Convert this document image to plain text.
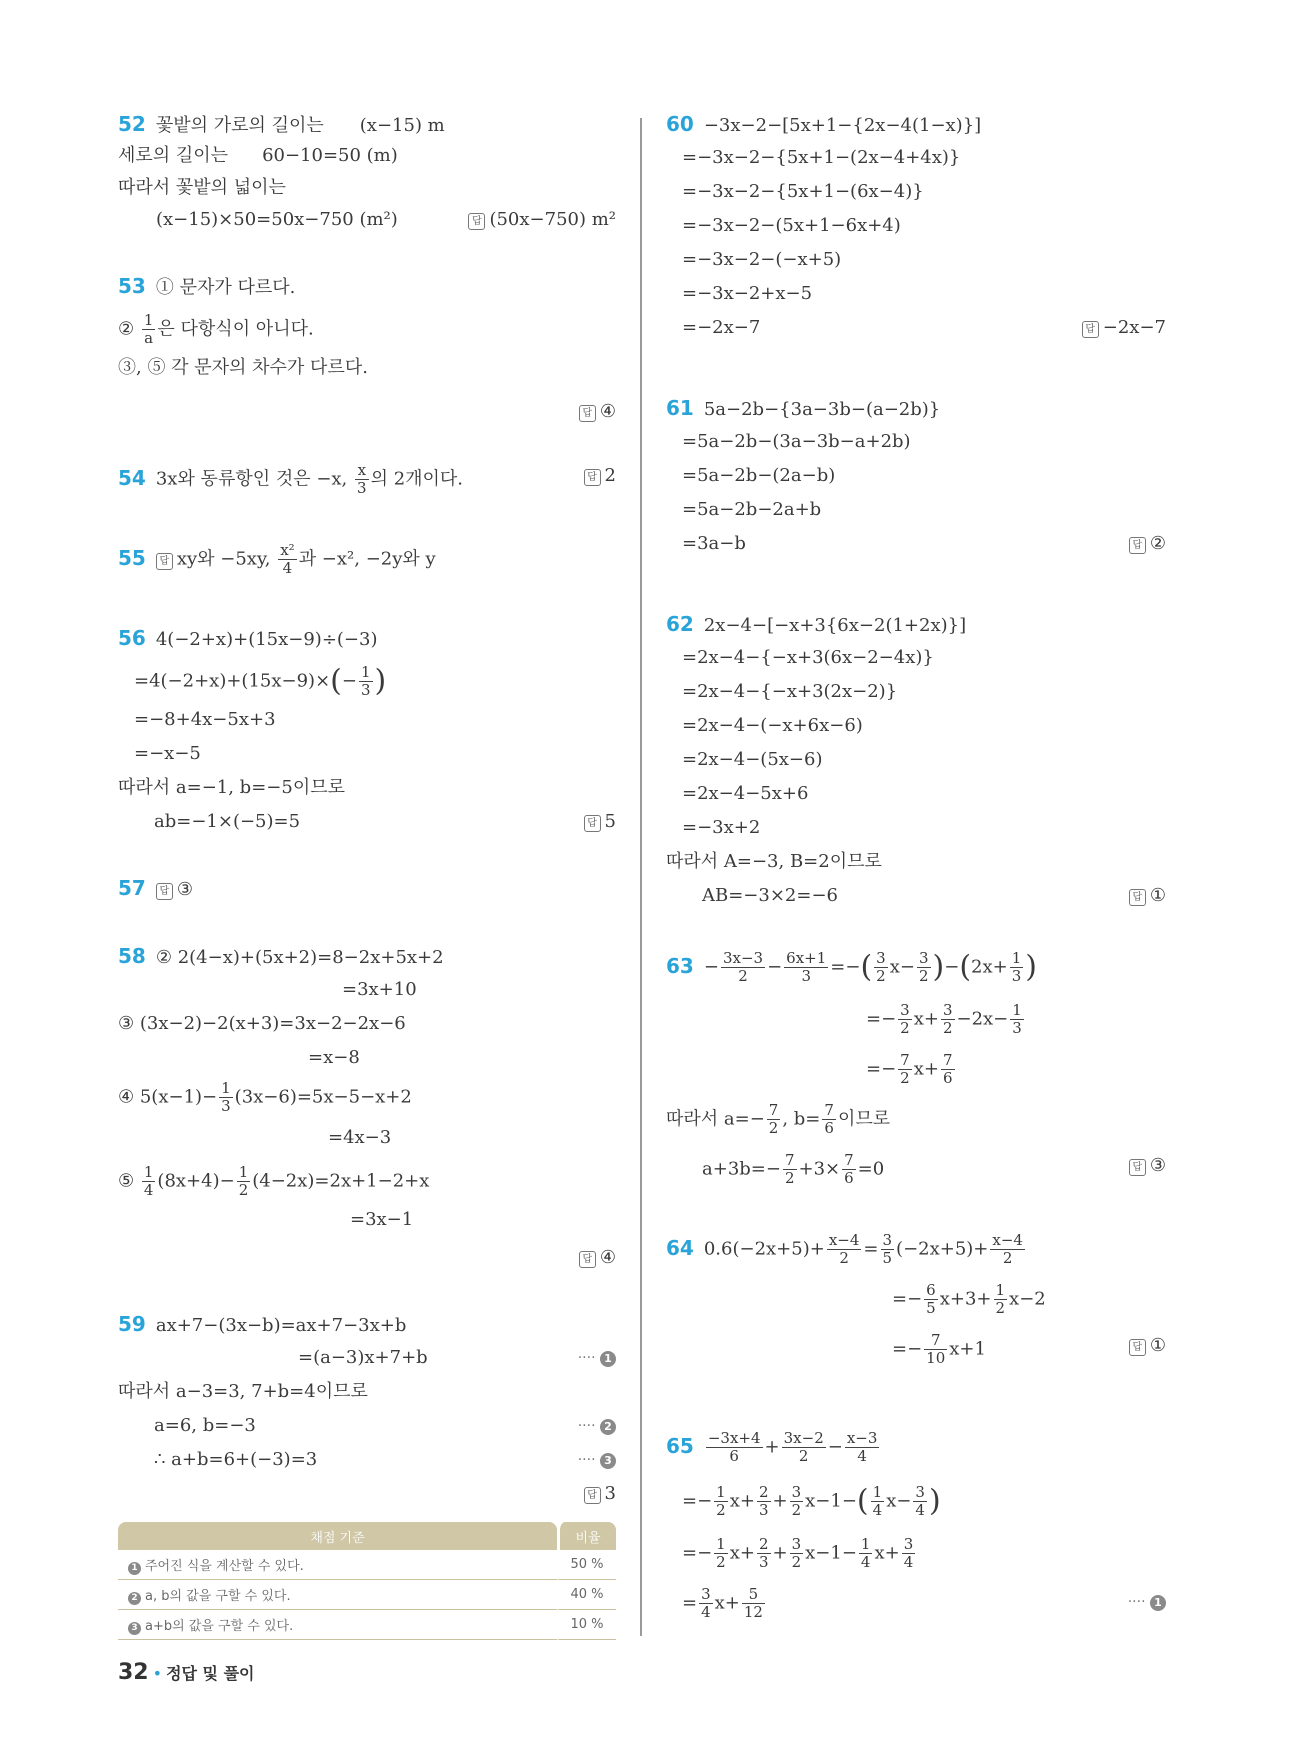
52 꽃밭의 가로의 길이는 (x−15) m
세로의 길이는 60−10=50 (m)
따라서 꽃밭의 넓이는
(x−15)×50=50x−750 (m²)	답 (50x−750) m²
53 ① 문자가 다르다.
② $\frac{1}{a}$ 은 다항식이 아니다.
③, ⑤ 각 문자의 차수가 다르다.
답 ④
54 3x와 동류항인 것은 −x, $\frac{x}{3}$ 의 2개이다.	답 2
55 답 xy와 −5xy, $\frac{\text{x²}}{4}$ 과 −x², −2y와 y
56 4(−2+x)+(15x−9)÷(−3)
$=4(-2+x)+(15x-9)\times(- \frac{1}{3}$ )
=−8+4x−5x+3
=−x−5
따라서 a=−1, b=−5이므로
ab=−1×(−5)=5	답 5
57 답 ③
58 ② 2(4−x)+(5x+2)=8−2x+5x+2
=3x+10
③ (3x−2)−2(x+3)=3x−2−2x−6
=x−8
④ $5(x-1)- \frac{1}{3} (3x-6)=5x-5-x+2$
=4x−3
⑤ $\frac{1}{4} (8x+4)- \frac{1}{2} (4-2x)=2x+1-2+x$
=3x−1
답 ④
59 ax+7−(3x−b)=ax+7−3x+b
=(a−3)x+7+b	···· 1
따라서 a−3=3, 7+b=4이므로
a=6, b=−3	···· 2
∴ a+b=6+(−3)=3	···· 3
답 3
채점 기준	비율
1 주어진 식을 계산할 수 있다.	50 %
2 a, b의 값을 구할 수 있다.	40 %
3 a+b의 값을 구할 수 있다.	10 %
60 −3x−2−[5x+1−{2x−4(1−x)}]
=−3x−2−{5x+1−(2x−4+4x)}
=−3x−2−{5x+1−(6x−4)}
=−3x−2−(5x+1−6x+4)
=−3x−2−(−x+5)
=−3x−2+x−5
=−2x−7	답 −2x−7
61 5a−2b−{3a−3b−(a−2b)}
=5a−2b−(3a−3b−a+2b)
=5a−2b−(2a−b)
=5a−2b−2a+b
=3a−b	답 ②
62 2x−4−[−x+3{6x−2(1+2x)}]
=2x−4−{−x+3(6x−2−4x)}
=2x−4−{−x+3(2x−2)}
=2x−4−(−x+6x−6)
=2x−4−(5x−6)
=2x−4−5x+6
=−3x+2
따라서 A=−3, B=2이므로
AB=−3×2=−6	답 ①
$63 - \frac{3x-3}{2} - \frac{6x+1}{3}$ =−( $\frac{3}{2} x- \frac{3}{2} )-(2x+ \frac{1}{3}$ )
=− $\frac{3}{2} x+ \frac{3}{2} -2x- \frac{1}{3}$
=− $\frac{7}{2} x+ \frac{7}{6}$
따라서 $a=- \frac{7}{2}$ , $b= \frac{7}{6}$ 이므로
$a+3b=- \frac{7}{2} +3\times \frac{7}{6} =0$	답 ③
64 $0.6(-2x+5)+ \frac{x-4}{2} = \frac{3}{5} (-2x+5)+ \frac{x-4}{2}$
=− $\frac{6}{5} x+3+ \frac{1}{2} x-2$
=− $\frac{7}{10} x+1$	답 ①
$65 \frac{-3x+4}{6} + \frac{3x-2}{2} - \frac{x-3}{4}$
=− $\frac{1}{2} x+ \frac{2}{3} + \frac{3}{2} x-1-( \frac{1}{4} x- \frac{3}{4}$ )
=− $\frac{1}{2} x+ \frac{2}{3} + \frac{3}{2} x-1- \frac{1}{4} x+ \frac{3}{4}$
= $\frac{3}{4} x+ \frac{5}{12}$	···· 1
32 • 정답 및 풀이
